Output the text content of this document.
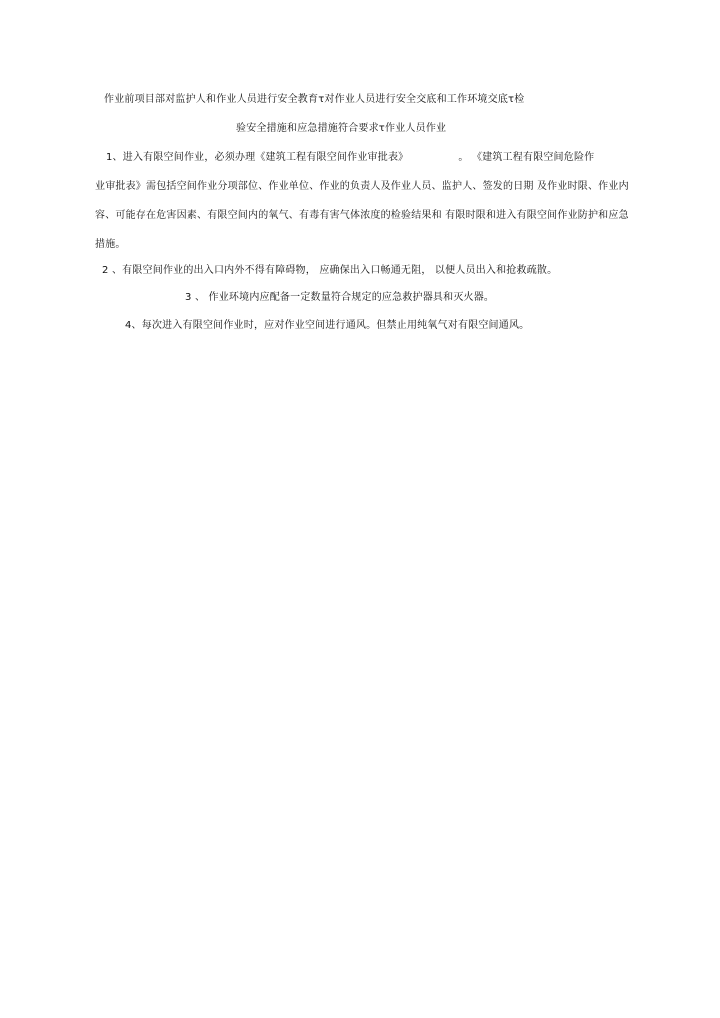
作业前项目部对监护人和作业人员进行安全教育τ对作业人员进行安全交底和工作环境交底τ检
验安全措施和应急措施符合要求τ作业人员作业
1、进入有限空间作业，必须办理《建筑工程有限空间作业审批表》	。 《建筑工程有限空间危险作
业审批表》需包括空间作业分项部位、作业单位、作业的负责人及作业人员、监护人、签发的日期 及作业时限、作业内
容、可能存在危害因素、有限空间内的氧气、有毒有害气体浓度的检验结果和 有限时限和进入有限空间作业防护和应急
措施。
2 、有限空间作业的出入口内外不得有障碍物， 应确保出入口畅通无阻， 以便人员出入和抢救疏散。
3 、 作业环境内应配备一定数量符合规定的应急救护器具和灭火器。
4、每次进入有限空间作业时，应对作业空间进行通风。但禁止用纯氧气对有限空间通风。
